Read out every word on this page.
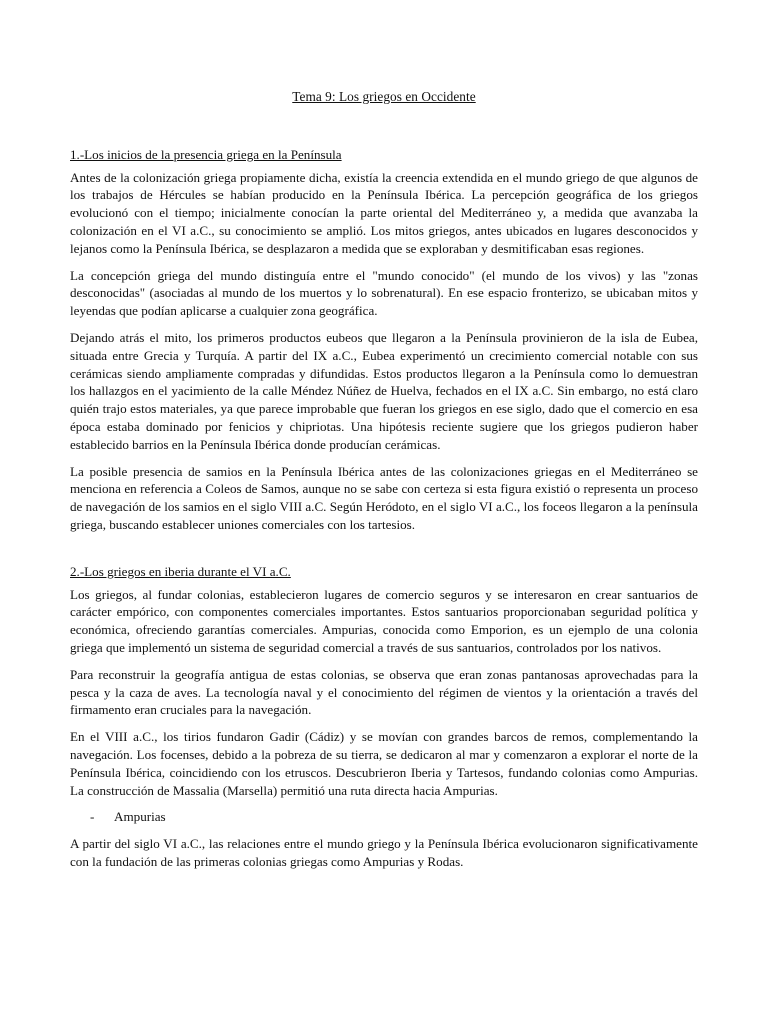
Tema 9: Los griegos en Occidente
1.-Los inicios de la presencia griega en la Península
Antes de la colonización griega propiamente dicha, existía la creencia extendida en el mundo griego de que algunos de los trabajos de Hércules se habían producido en la Península Ibérica. La percepción geográfica de los griegos evolucionó con el tiempo; inicialmente conocían la parte oriental del Mediterráneo y, a medida que avanzaba la colonización en el VI a.C., su conocimiento se amplió. Los mitos griegos, antes ubicados en lugares desconocidos y lejanos como la Península Ibérica, se desplazaron a medida que se exploraban y desmitificaban esas regiones.
La concepción griega del mundo distinguía entre el "mundo conocido" (el mundo de los vivos) y las "zonas desconocidas" (asociadas al mundo de los muertos y lo sobrenatural). En ese espacio fronterizo, se ubicaban mitos y leyendas que podían aplicarse a cualquier zona geográfica.
Dejando atrás el mito, los primeros productos eubeos que llegaron a la Península provinieron de la isla de Eubea, situada entre Grecia y Turquía. A partir del IX a.C., Eubea experimentó un crecimiento comercial notable con sus cerámicas siendo ampliamente compradas y difundidas. Estos productos llegaron a la Península como lo demuestran los hallazgos en el yacimiento de la calle Méndez Núñez de Huelva, fechados en el IX a.C. Sin embargo, no está claro quién trajo estos materiales, ya que parece improbable que fueran los griegos en ese siglo, dado que el comercio en esa época estaba dominado por fenicios y chipriotas. Una hipótesis reciente sugiere que los griegos pudieron haber establecido barrios en la Península Ibérica donde producían cerámicas.
La posible presencia de samios en la Península Ibérica antes de las colonizaciones griegas en el Mediterráneo se menciona en referencia a Coleos de Samos, aunque no se sabe con certeza si esta figura existió o representa un proceso de navegación de los samios en el siglo VIII a.C. Según Heródoto, en el siglo VI a.C., los foceos llegaron a la península griega, buscando establecer uniones comerciales con los tartesios.
2.-Los griegos en iberia durante el VI a.C.
Los griegos, al fundar colonias, establecieron lugares de comercio seguros y se interesaron en crear santuarios de carácter empórico, con componentes comerciales importantes. Estos santuarios proporcionaban seguridad política y económica, ofreciendo garantías comerciales. Ampurias, conocida como Emporion, es un ejemplo de una colonia griega que implementó un sistema de seguridad comercial a través de sus santuarios, controlados por los nativos.
Para reconstruir la geografía antigua de estas colonias, se observa que eran zonas pantanosas aprovechadas para la pesca y la caza de aves. La tecnología naval y el conocimiento del régimen de vientos y la orientación a través del firmamento eran cruciales para la navegación.
En el VIII a.C., los tirios fundaron Gadir (Cádiz) y se movían con grandes barcos de remos, complementando la navegación. Los focenses, debido a la pobreza de su tierra, se dedicaron al mar y comenzaron a explorar el norte de la Península Ibérica, coincidiendo con los etruscos. Descubrieron Iberia y Tartesos, fundando colonias como Ampurias. La construcción de Massalia (Marsella) permitió una ruta directa hacia Ampurias.
-	Ampurias
A partir del siglo VI a.C., las relaciones entre el mundo griego y la Península Ibérica evolucionaron significativamente con la fundación de las primeras colonias griegas como Ampurias y Rodas.
